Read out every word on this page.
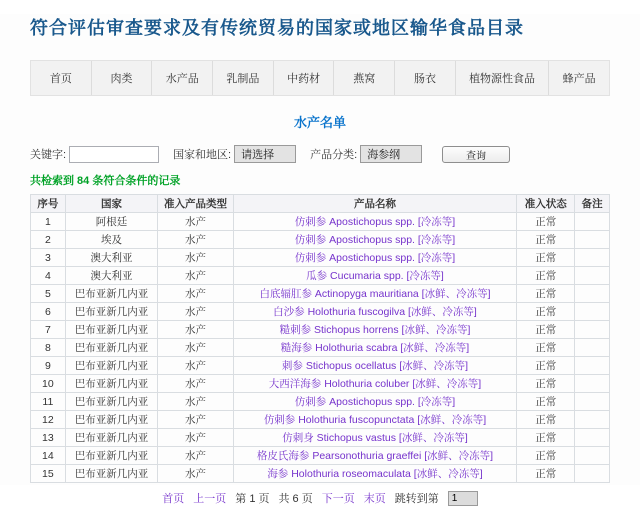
符合评估审查要求及有传统贸易的国家或地区输华食品目录
首页	肉类	水产品	乳制品	中药材	燕窝	肠衣	植物源性食品	蜂产品
水产名单
关键字:	国家和地区: 请选择	产品分类: 海参纲	查询
共检索到 84 条符合条件的记录
序号	国家	准入产品类型	产品名称	准入状态	备注
1	阿根廷	水产	仿刺参 Apostichopus spp. [冷冻等]	正常	
2	埃及	水产	仿刺参 Apostichopus spp. [冷冻等]	正常	
3	澳大利亚	水产	仿刺参 Apostichopus spp. [冷冻等]	正常	
4	澳大利亚	水产	瓜参 Cucumaria spp. [冷冻等]	正常	
5	巴布亚新几内亚	水产	白底辐肛参 Actinopyga mauritiana [冰鲜、冷冻等]	正常	
6	巴布亚新几内亚	水产	白沙参 Holothuria fuscogilva [冰鲜、冷冻等]	正常	
7	巴布亚新几内亚	水产	糙刺参 Stichopus horrens [冰鲜、冷冻等]	正常	
8	巴布亚新几内亚	水产	糙海参 Holothuria scabra [冰鲜、冷冻等]	正常	
9	巴布亚新几内亚	水产	刺参 Stichopus ocellatus [冰鲜、冷冻等]	正常	
10	巴布亚新几内亚	水产	大西洋海参 Holothuria coluber [冰鲜、冷冻等]	正常	
11	巴布亚新几内亚	水产	仿刺参 Apostichopus spp. [冷冻等]	正常	
12	巴布亚新几内亚	水产	仿刺参 Holothuria fuscopunctata [冰鲜、冷冻等]	正常	
13	巴布亚新几内亚	水产	仿刺身 Stichopus vastus [冰鲜、冷冻等]	正常	
14	巴布亚新几内亚	水产	格皮氏海参 Pearsonothuria graeffei [冰鲜、冷冻等]	正常	
15	巴布亚新几内亚	水产	海参 Holothuria roseomaculata [冰鲜、冷冻等]	正常	
首页 上一页 第 1 页 共 6 页 下一页 末页 跳转到第
1
